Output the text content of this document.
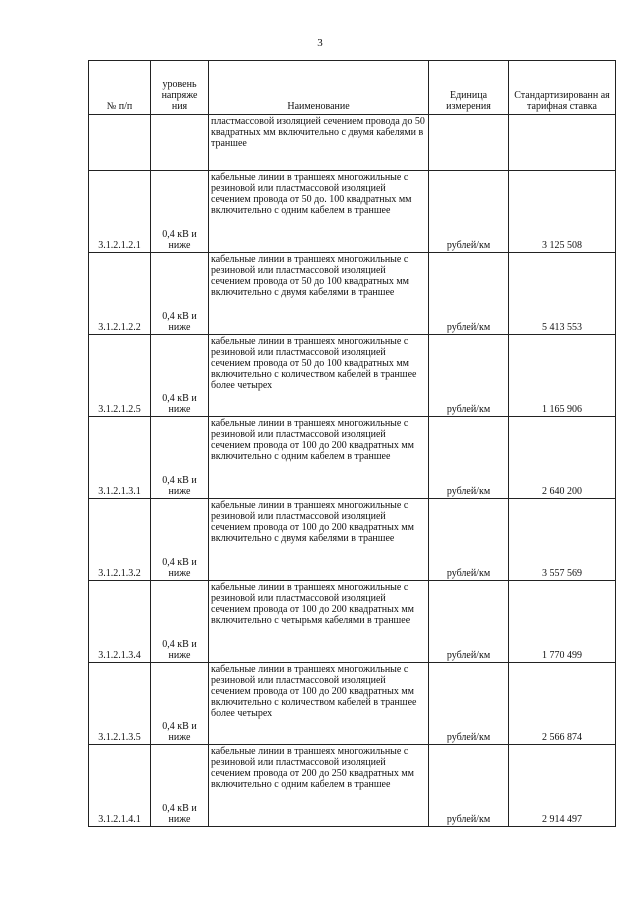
3
№ п/п	уровень напряже ния	Наименование	Единица измерения	Стандартизированн ая тарифная ставка
		пластмассовой изоляцией сечением провода до 50 квадратных мм включительно с двумя кабелями в траншее		
3.1.2.1.2.1	0,4 кВ и ниже	кабельные линии в траншеях многожильные с резиновой или пластмассовой изоляцией сечением провода от 50 до. 100 квадратных мм включительно с одним кабелем в траншее	рублей/км	3 125 508
3.1.2.1.2.2	0,4 кВ и ниже	кабельные линии в траншеях многожильные с резиновой или пластмассовой изоляцией сечением провода от 50 до 100 квадратных мм включительно с двумя кабелями в траншее	рублей/км	5 413 553
3.1.2.1.2.5	0,4 кВ и ниже	кабельные линии в траншеях многожильные с резиновой или пластмассовой изоляцией сечением провода от 50 до 100 квадратных мм включительно с количеством кабелей в траншее более четырех	рублей/км	1 165 906
3.1.2.1.3.1	0,4 кВ и ниже	кабельные линии в траншеях многожильные с резиновой или пластмассовой изоляцией сечением провода от 100 до 200 квадратных мм включительно с одним кабелем в траншее	рублей/км	2 640 200
3.1.2.1.3.2	0,4 кВ и ниже	кабельные линии в траншеях многожильные с резиновой или пластмассовой изоляцией сечением провода от 100 до 200 квадратных мм включительно с двумя кабелями в траншее	рублей/км	3 557 569
3.1.2.1.3.4	0,4 кВ и ниже	кабельные линии в траншеях многожильные с резиновой или пластмассовой изоляцией сечением провода от 100 до 200 квадратных мм включительно с четырьмя кабелями в траншее	рублей/км	1 770 499
3.1.2.1.3.5	0,4 кВ и ниже	кабельные линии в траншеях многожильные с резиновой или пластмассовой изоляцией сечением провода от 100 до 200 квадратных мм включительно с количеством кабелей в траншее более четырех	рублей/км	2 566 874
3.1.2.1.4.1	0,4 кВ и ниже	кабельные линии в траншеях многожильные с резиновой или пластмассовой изоляцией сечением провода от 200 до 250 квадратных мм включительно с одним кабелем в траншее	рублей/км	2 914 497
